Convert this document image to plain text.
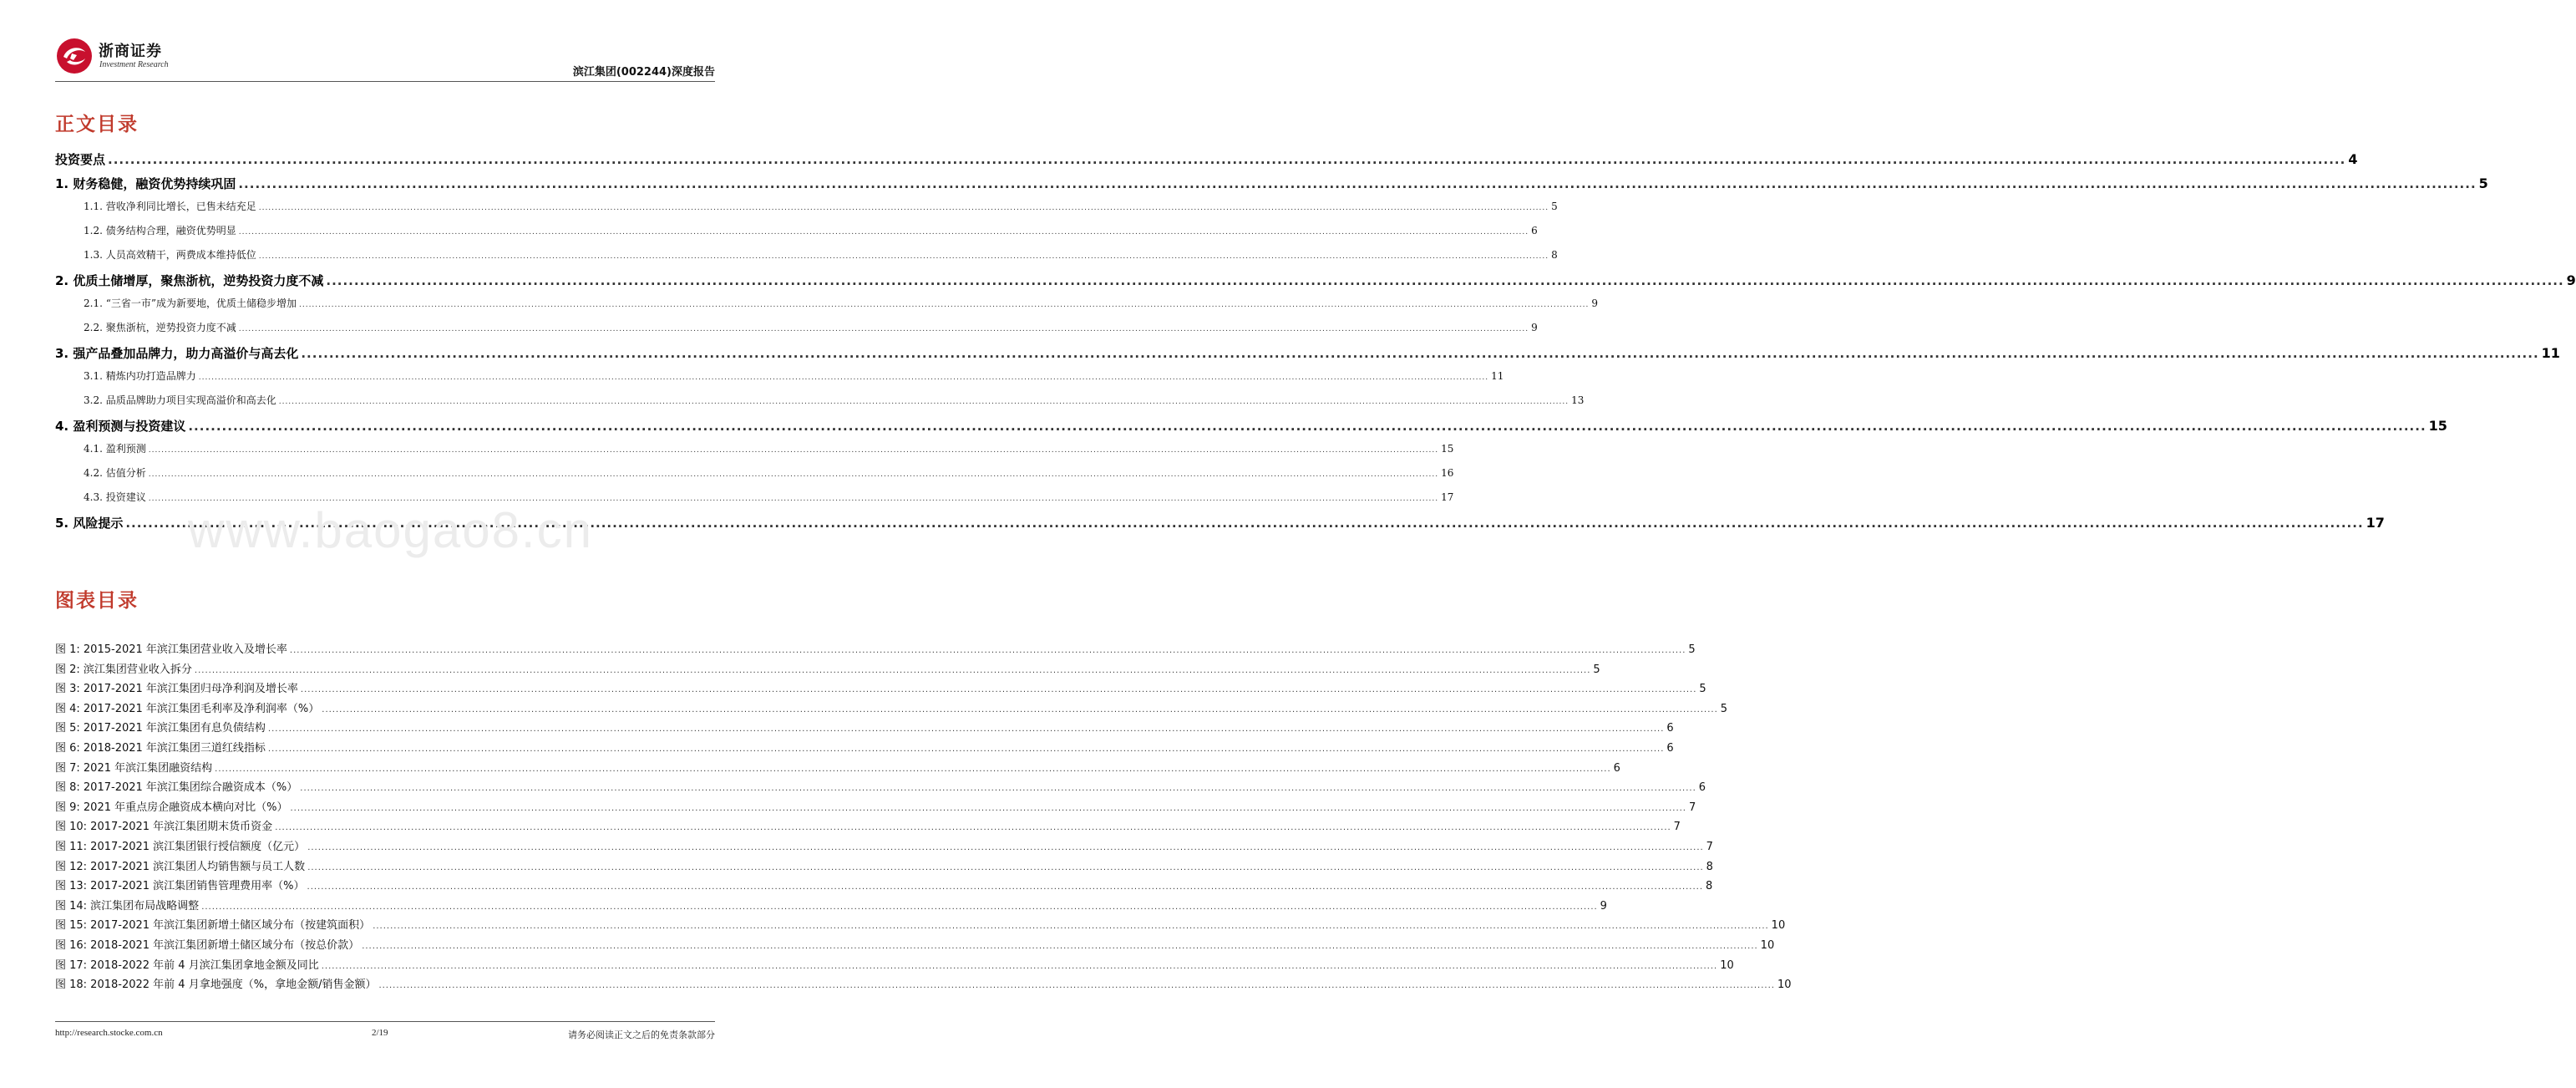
浙商证券
Investment Research
滨江集团(002244)深度报告
正文目录
投资要点 ................................................................................................................................................................................................................................................................................................................................................................................................................ 4
1. 财务稳健，融资优势持续巩固 ................................................................................................................................................................................................................................................................................................................................................................................................................ 5
1.1. 营收净利同比增长，已售未结充足 ................................................................................................................................................................................................................................................................................................................................................................................................................ 5
1.2. 债务结构合理，融资优势明显 ................................................................................................................................................................................................................................................................................................................................................................................................................ 6
1.3. 人员高效精干，两费成本维持低位 ................................................................................................................................................................................................................................................................................................................................................................................................................ 8
2. 优质土储增厚，聚焦浙杭，逆势投资力度不减 ................................................................................................................................................................................................................................................................................................................................................................................................................ 9
2.1. “三省一市”成为新要地，优质土储稳步增加 ................................................................................................................................................................................................................................................................................................................................................................................................................ 9
2.2. 聚焦浙杭，逆势投资力度不减 ................................................................................................................................................................................................................................................................................................................................................................................................................ 9
3. 强产品叠加品牌力，助力高溢价与高去化 ................................................................................................................................................................................................................................................................................................................................................................................................................ 11
3.1. 精炼内功打造品牌力 ................................................................................................................................................................................................................................................................................................................................................................................................................ 11
3.2. 品质品牌助力项目实现高溢价和高去化 ................................................................................................................................................................................................................................................................................................................................................................................................................ 13
4. 盈利预测与投资建议 ................................................................................................................................................................................................................................................................................................................................................................................................................ 15
4.1. 盈利预测 ................................................................................................................................................................................................................................................................................................................................................................................................................ 15
4.2. 估值分析 ................................................................................................................................................................................................................................................................................................................................................................................................................ 16
4.3. 投资建议 ................................................................................................................................................................................................................................................................................................................................................................................................................ 17
5. 风险提示 ................................................................................................................................................................................................................................................................................................................................................................................................................ 17
图表目录
图 1: 2015-2021 年滨江集团营业收入及增长率 ................................................................................................................................................................................................................................................................................................................................................................................................................ 5
图 2: 滨江集团营业收入拆分 ................................................................................................................................................................................................................................................................................................................................................................................................................ 5
图 3: 2017-2021 年滨江集团归母净利润及增长率 ................................................................................................................................................................................................................................................................................................................................................................................................................ 5
图 4: 2017-2021 年滨江集团毛利率及净利润率（%） ................................................................................................................................................................................................................................................................................................................................................................................................................ 5
图 5: 2017-2021 年滨江集团有息负债结构 ................................................................................................................................................................................................................................................................................................................................................................................................................ 6
图 6: 2018-2021 年滨江集团三道红线指标 ................................................................................................................................................................................................................................................................................................................................................................................................................ 6
图 7: 2021 年滨江集团融资结构 ................................................................................................................................................................................................................................................................................................................................................................................................................ 6
图 8: 2017-2021 年滨江集团综合融资成本（%） ................................................................................................................................................................................................................................................................................................................................................................................................................ 6
图 9: 2021 年重点房企融资成本横向对比（%） ................................................................................................................................................................................................................................................................................................................................................................................................................ 7
图 10: 2017-2021 年滨江集团期末货币资金 ................................................................................................................................................................................................................................................................................................................................................................................................................ 7
图 11: 2017-2021 滨江集团银行授信额度（亿元） ................................................................................................................................................................................................................................................................................................................................................................................................................ 7
图 12: 2017-2021 滨江集团人均销售额与员工人数 ................................................................................................................................................................................................................................................................................................................................................................................................................ 8
图 13: 2017-2021 滨江集团销售管理费用率（%） ................................................................................................................................................................................................................................................................................................................................................................................................................ 8
图 14: 滨江集团布局战略调整 ................................................................................................................................................................................................................................................................................................................................................................................................................ 9
图 15: 2017-2021 年滨江集团新增土储区域分布（按建筑面积） ................................................................................................................................................................................................................................................................................................................................................................................................................ 10
图 16: 2018-2021 年滨江集团新增土储区域分布（按总价款） ................................................................................................................................................................................................................................................................................................................................................................................................................ 10
图 17: 2018-2022 年前 4 月滨江集团拿地金额及同比 ................................................................................................................................................................................................................................................................................................................................................................................................................ 10
图 18: 2018-2022 年前 4 月拿地强度（%，拿地金额/销售金额） ................................................................................................................................................................................................................................................................................................................................................................................................................ 10
www.baogao8.cn
http://research.stocke.com.cn	2/19	请务必阅读正文之后的免责条款部分
